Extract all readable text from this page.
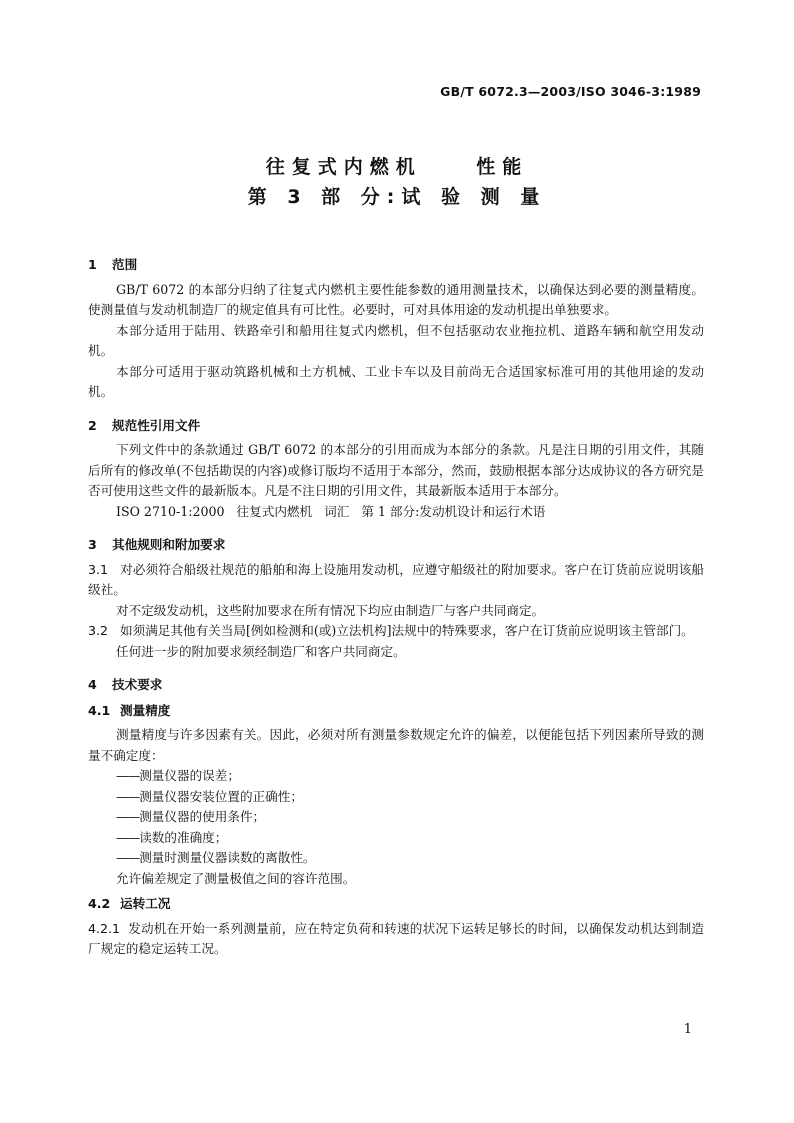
GB/T 6072.3—2003/ISO 3046-3:1989
往复式内燃机    性能
第 3 部 分:试 验 测 量
1 范围

GB/T 6072 的本部分归纳了往复式内燃机主要性能参数的通用测量技术，以确保达到必要的测量精度。使测量值与发动机制造厂的规定值具有可比性。必要时，可对具体用途的发动机提出单独要求。

本部分适用于陆用、铁路牵引和船用往复式内燃机，但不包括驱动农业拖拉机、道路车辆和航空用发动机。

本部分可适用于驱动筑路机械和土方机械、工业卡车以及目前尚无合适国家标准可用的其他用途的发动机。

2 规范性引用文件

下列文件中的条款通过 GB/T 6072 的本部分的引用而成为本部分的条款。凡是注日期的引用文件，其随后所有的修改单(不包括勘误的内容)或修订版均不适用于本部分，然而，鼓励根据本部分达成协议的各方研究是否可使用这些文件的最新版本。凡是不注日期的引用文件，其最新版本适用于本部分。

ISO 2710-1:2000   往复式内燃机   词汇   第 1 部分:发动机设计和运行术语

3 其他规则和附加要求

3.1 对必须符合船级社规范的船舶和海上设施用发动机，应遵守船级社的附加要求。客户在订货前应说明该船级社。

对不定级发动机，这些附加要求在所有情况下均应由制造厂与客户共同商定。

3.2 如须满足其他有关当局[例如检测和(或)立法机构]法规中的特殊要求，客户在订货前应说明该主管部门。

任何进一步的附加要求须经制造厂和客户共同商定。

4 技术要求
4.1 测量精度

测量精度与许多因素有关。因此，必须对所有测量参数规定允许的偏差，以便能包括下列因素所导致的测量不确定度：

—— 测量仪器的误差；

—— 测量仪器安装位置的正确性；

—— 测量仪器的使用条件；

—— 读数的准确度；

—— 测量时测量仪器读数的离散性。

允许偏差规定了测量极值之间的容许范围。

4.2 运转工况

4.2.1 发动机在开始一系列测量前，应在特定负荷和转速的状况下运转足够长的时间，以确保发动机达到制造厂规定的稳定运转工况。

1
